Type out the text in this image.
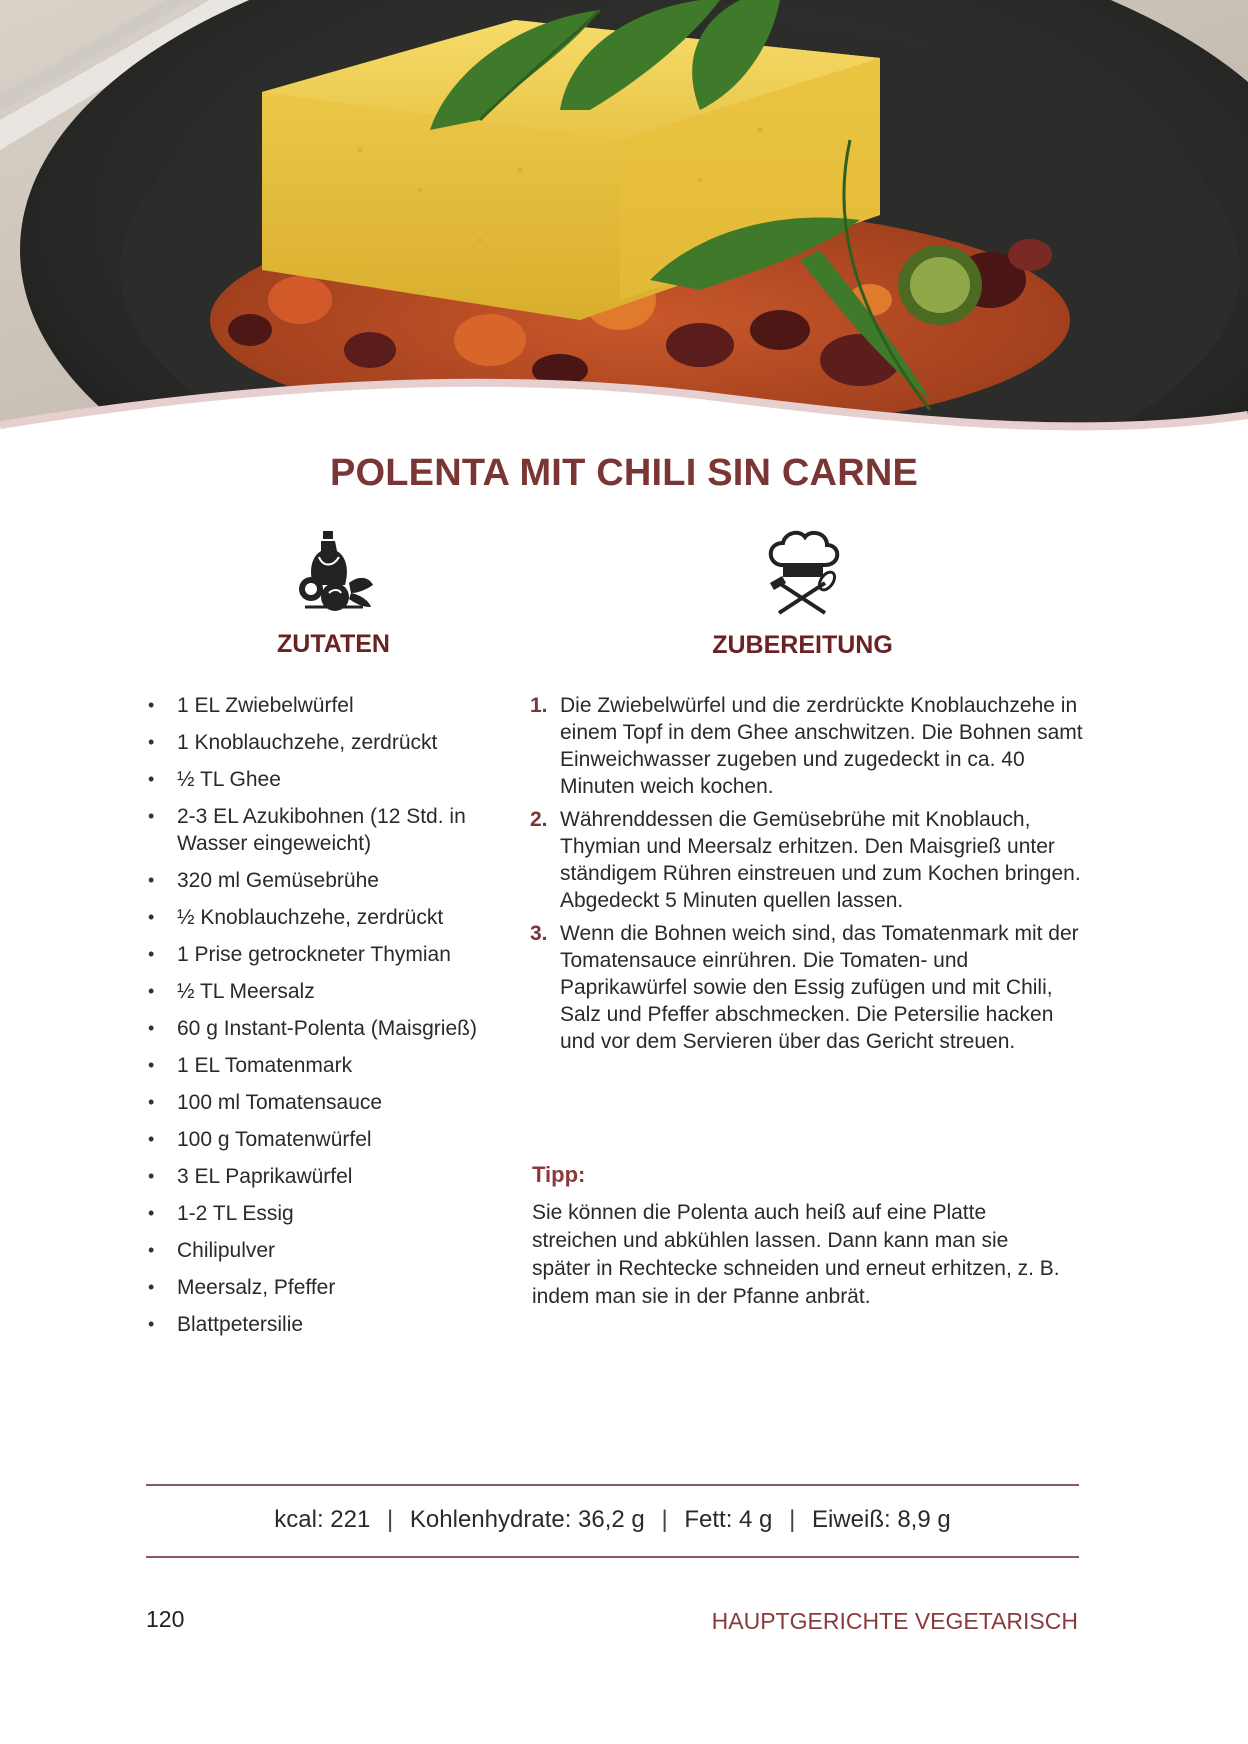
POLENTA MIT CHILI SIN CARNE
ZUTATEN	ZUBEREITUNG
• 1 EL Zwiebelwürfel
• 1 Knoblauchzehe, zerdrückt
• ½ TL Ghee
• 2-3 EL Azukibohnen (12 Std. in Wasser eingeweicht)
• 320 ml Gemüsebrühe
• ½ Knoblauchzehe, zerdrückt
• 1 Prise getrockneter Thymian
• ½ TL Meersalz
• 60 g Instant-Polenta (Maisgrieß)
• 1 EL Tomatenmark
• 100 ml Tomatensauce
• 100 g Tomatenwürfel
• 3 EL Paprikawürfel
• 1-2 TL Essig
• Chilipulver
• Meersalz, Pfeffer
• Blattpetersilie
1. Die Zwiebelwürfel und die zerdrückte Knoblauchzehe in einem Topf in dem Ghee anschwitzen. Die Bohnen samt Einweichwasser zugeben und zugedeckt in ca. 40 Minuten weich kochen.
2. Währenddessen die Gemüsebrühe mit Knoblauch, Thymian und Meersalz erhitzen. Den Maisgrieß unter ständigem Rühren einstreuen und zum Kochen bringen. Abgedeckt 5 Minuten quellen lassen.
3. Wenn die Bohnen weich sind, das Tomatenmark mit der Tomatensauce einrühren. Die Tomaten- und Paprikawürfel sowie den Essig zufügen und mit Chili, Salz und Pfeffer abschmecken. Die Petersilie hacken und vor dem Servieren über das Gericht streuen.
Tipp:

Sie können die Polenta auch heiß auf eine Platte streichen und abkühlen lassen. Dann kann man sie später in Rechtecke schneiden und erneut erhitzen, z. B. indem man sie in der Pfanne anbrät.

kcal: 221 | Kohlenhydrate: 36,2 g | Fett: 4 g | Eiweiß: 8,9 g
120	HAUPTGERICHTE VEGETARISCH
